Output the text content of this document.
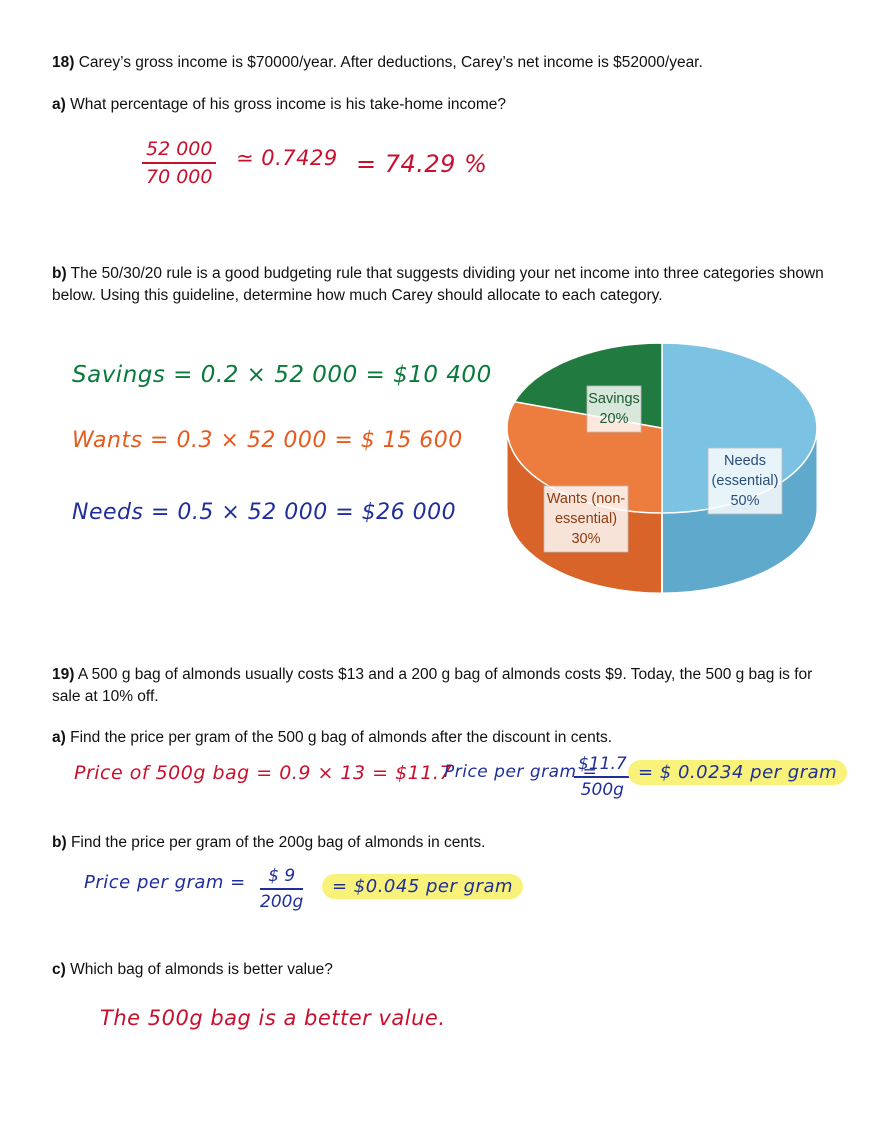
18) Carey’s gross income is $70000/year. After deductions, Carey’s net income is $52000/year.
a) What percentage of his gross income is his take-home income?
$\frac{52 000}{70 000}$ ≃ 0.7429 = 74.29 %
b) The 50/30/20 rule is a good budgeting rule that suggests dividing your net income into three categories shown below. Using this guideline, determine how much Carey should allocate to each category.
Savings = 0.2 × 52 000 = $10 400
Wants = 0.3 × 52 000 = $ 15 600
Needs = 0.5 × 52 000 = $26 000
Needs
(essential)
50%
Wants (non-
essential)
30%
Savings
20%
19) A 500 g bag of almonds usually costs $13 and a 200 g bag of almonds costs $9. Today, the 500 g bag is for sale at 10% off.
a) Find the price per gram of the 500 g bag of almonds after the discount in cents.
Price of 500g bag = 0.9 × 13 = $11.7
Price per gram =
$\frac{\$11.7}{500g}$ = $ 0.0234 per gram
b) Find the price per gram of the 200g bag of almonds in cents.
Price per gram = $\frac{\$ 9}{200g}$	= $0.045 per gram
c) Which bag of almonds is better value?
The 500g bag is a better value.
